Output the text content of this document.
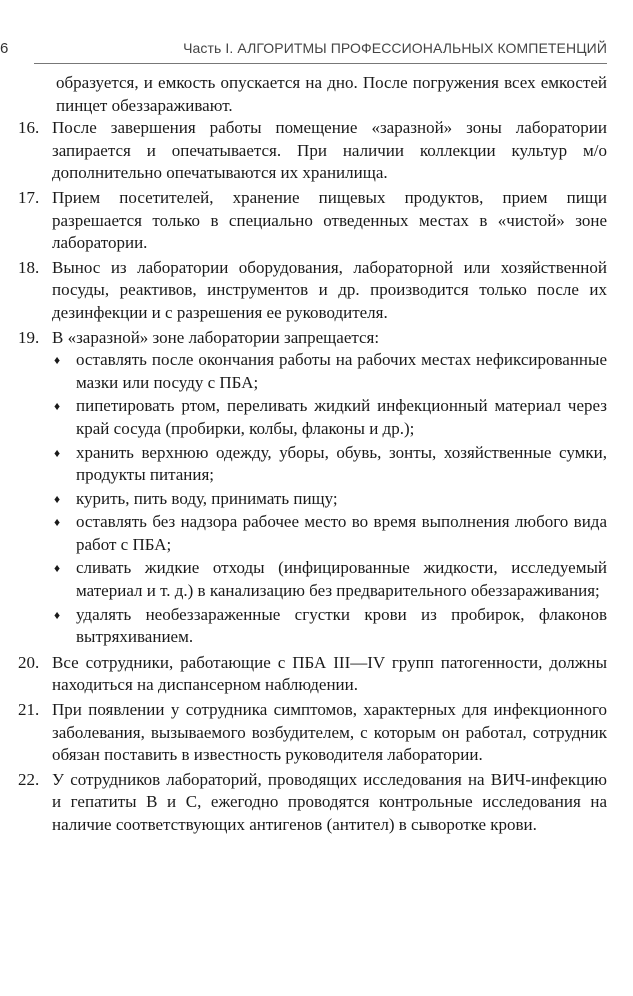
6	Часть I. АЛГОРИТМЫ ПРОФЕССИОНАЛЬНЫХ КОМПЕТЕНЦИЙ

образуется, и емкость опускается на дно. После погружения всех емкостей пинцет обеззараживают.

16. После завершения работы помещение «заразной» зоны лаборатории запирается и опечатывается. При наличии коллекции культур м/о дополнительно опечатываются их хранилища.
17. Прием посетителей, хранение пищевых продуктов, прием пищи разрешается только в специально отведенных местах в «чистой» зоне лаборатории.
18. Вынос из лаборатории оборудования, лабораторной или хозяйственной посуды, реактивов, инструментов и др. производится только после их дезинфекции и с разрешения ее руководителя.
19. В «заразной» зоне лаборатории запрещается:
♦ оставлять после окончания работы на рабочих местах нефиксированные мазки или посуду с ПБА;
♦ пипетировать ртом, переливать жидкий инфекционный материал через край сосуда (пробирки, колбы, флаконы и др.);
♦ хранить верхнюю одежду, уборы, обувь, зонты, хозяйственные сумки, продукты питания;
♦ курить, пить воду, принимать пищу;
♦ оставлять без надзора рабочее место во время выполнения любого вида работ с ПБА;
♦ сливать жидкие отходы (инфицированные жидкости, исследуемый материал и т. д.) в канализацию без предварительного обеззараживания;
♦ удалять необеззараженные сгустки крови из пробирок, флаконов вытряхиванием.
20. Все сотрудники, работающие с ПБА III—IV групп патогенности, должны находиться на диспансерном наблюдении.
21. При появлении у сотрудника симптомов, характерных для инфекционного заболевания, вызываемого возбудителем, с которым он работал, сотрудник обязан поставить в известность руководителя лаборатории.
22. У сотрудников лабораторий, проводящих исследования на ВИЧ-инфекцию и гепатиты В и С, ежегодно проводятся контрольные исследования на наличие соответствующих антигенов (антител) в сыворотке крови.
